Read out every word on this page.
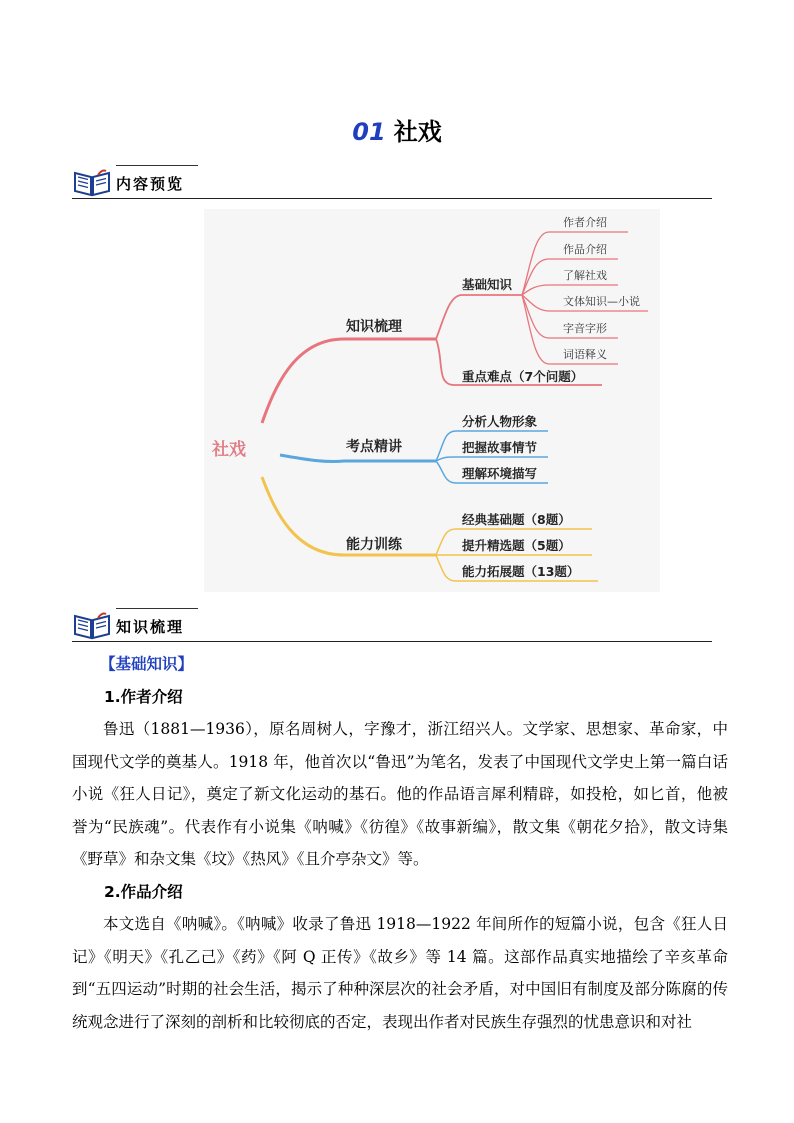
01 社戏
内容预览
社戏
知识梳理
基础知识
重点难点（7个问题）
作者介绍
作品介绍
了解社戏
文体知识—小说
字音字形
词语释义
考点精讲
分析人物形象
把握故事情节
理解环境描写
能力训练
经典基础题（8题）
提升精选题（5题）
能力拓展题（13题）
知识梳理
【基础知识】
1.作者介绍

鲁迅（1881—1936），原名周树人，字豫才，浙江绍兴人。文学家、思想家、革命家，中国现代文学的奠基人。1918 年，他首次以“鲁迅”为笔名，发表了中国现代文学史上第一篇白话小说《狂人日记》，奠定了新文化运动的基石。他的作品语言犀利精辟，如投枪，如匕首，他被誉为“民族魂”。代表作有小说集《呐喊》《彷徨》《故事新编》，散文集《朝花夕拾》，散文诗集《野草》和杂文集《坟》《热风》《且介亭杂文》等。

2.作品介绍

本文选自《呐喊》。《呐喊》收录了鲁迅 1918—1922 年间所作的短篇小说，包含《狂人日记》《明天》《孔乙己》《药》《阿 Q 正传》《故乡》等 14 篇。这部作品真实地描绘了辛亥革命到“五四运动”时期的社会生活，揭示了种种深层次的社会矛盾，对中国旧有制度及部分陈腐的传统观念进行了深刻的剖析和比较彻底的否定，表现出作者对民族生存强烈的忧患意识和对社
